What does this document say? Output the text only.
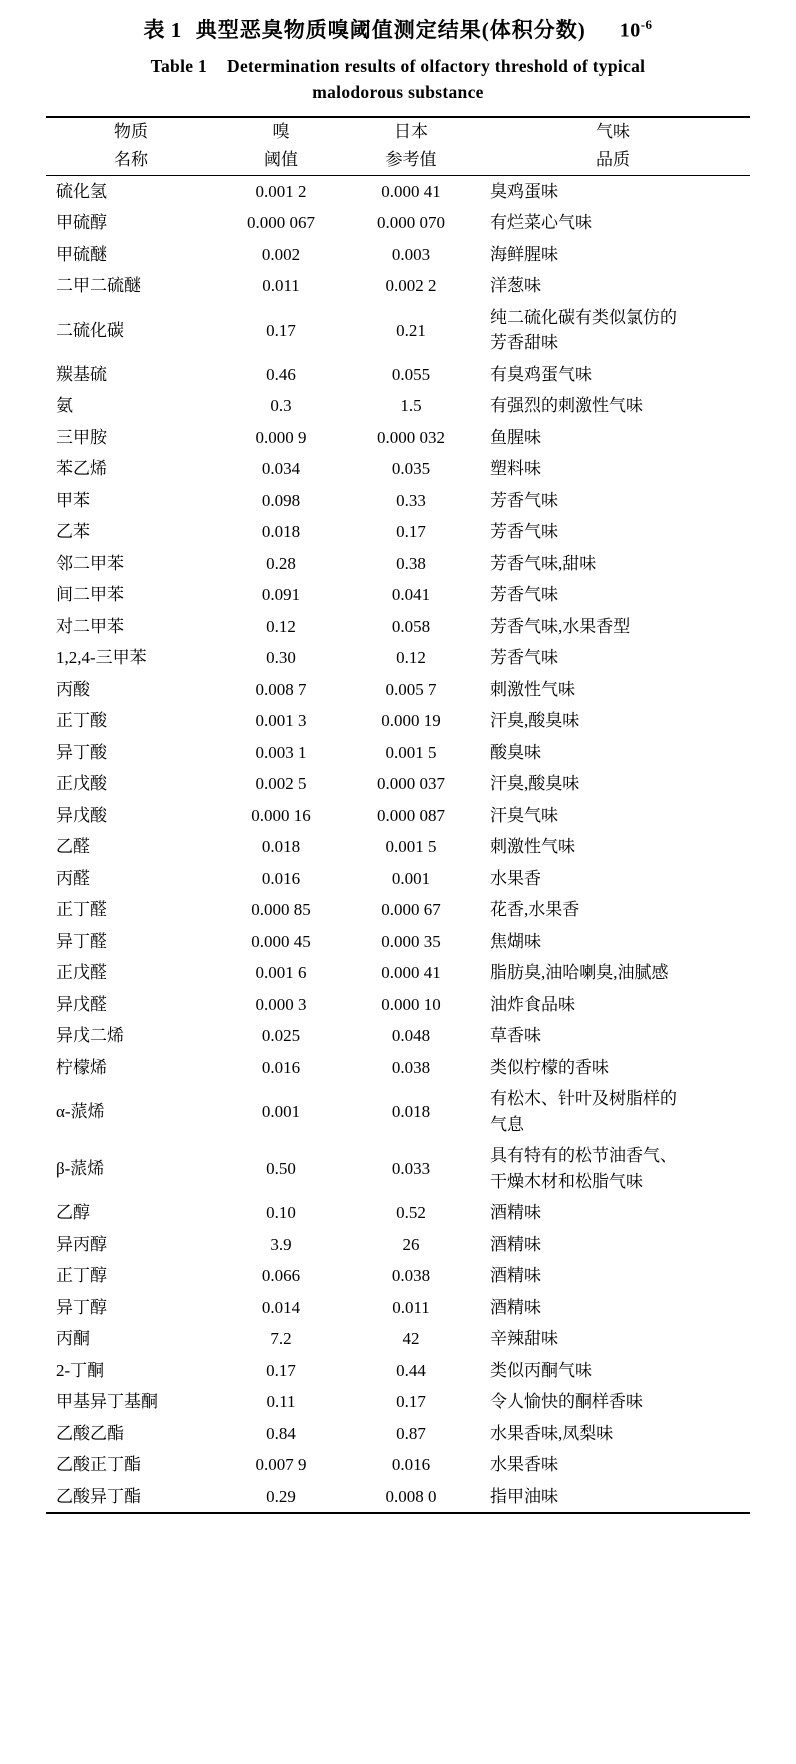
表 1 典型恶臭物质嗅阈值测定结果(体积分数) $10^{-6}$
Table 1 Determination results of olfactory threshold of typical
malodorous substance
物质	嗅	日本	气味
名称	阈值	参考值	品质
硫化氢	0.001 2	0.000 41	臭鸡蛋味
甲硫醇	0.000 067	0.000 070	有烂菜心气味
甲硫醚	0.002	0.003	海鲜腥味
二甲二硫醚	0.011	0.002 2	洋葱味
二硫化碳	0.17	0.21	纯二硫化碳有类似氯仿的
芳香甜味

羰基硫	0.46	0.055	有臭鸡蛋气味
氨	0.3	1.5	有强烈的刺激性气味
三甲胺	0.000 9	0.000 032	鱼腥味
苯乙烯	0.034	0.035	塑料味
甲苯	0.098	0.33	芳香气味
乙苯	0.018	0.17	芳香气味
邻二甲苯	0.28	0.38	芳香气味,甜味
间二甲苯	0.091	0.041	芳香气味
对二甲苯	0.12	0.058	芳香气味,水果香型
1,2,4-三甲苯	0.30	0.12	芳香气味
丙酸	0.008 7	0.005 7	刺激性气味
正丁酸	0.001 3	0.000 19	汗臭,酸臭味
异丁酸	0.003 1	0.001 5	酸臭味
正戊酸	0.002 5	0.000 037	汗臭,酸臭味
异戊酸	0.000 16	0.000 087	汗臭气味
乙醛	0.018	0.001 5	刺激性气味
丙醛	0.016	0.001	水果香
正丁醛	0.000 85	0.000 67	花香,水果香
异丁醛	0.000 45	0.000 35	焦煳味
正戊醛	0.001 6	0.000 41	脂肪臭,油哈喇臭,油腻感
异戊醛	0.000 3	0.000 10	油炸食品味
异戊二烯	0.025	0.048	草香味
柠檬烯	0.016	0.038	类似柠檬的香味
α-蒎烯	0.001	0.018	有松木、针叶及树脂样的
气息

β-蒎烯	0.50	0.033	具有特有的松节油香气、
干燥木材和松脂气味

乙醇	0.10	0.52	酒精味
异丙醇	3.9	26	酒精味
正丁醇	0.066	0.038	酒精味
异丁醇	0.014	0.011	酒精味
丙酮	7.2	42	辛辣甜味
2-丁酮	0.17	0.44	类似丙酮气味
甲基异丁基酮	0.11	0.17	令人愉快的酮样香味
乙酸乙酯	0.84	0.87	水果香味,凤梨味
乙酸正丁酯	0.007 9	0.016	水果香味
乙酸异丁酯	0.29	0.008 0	指甲油味
